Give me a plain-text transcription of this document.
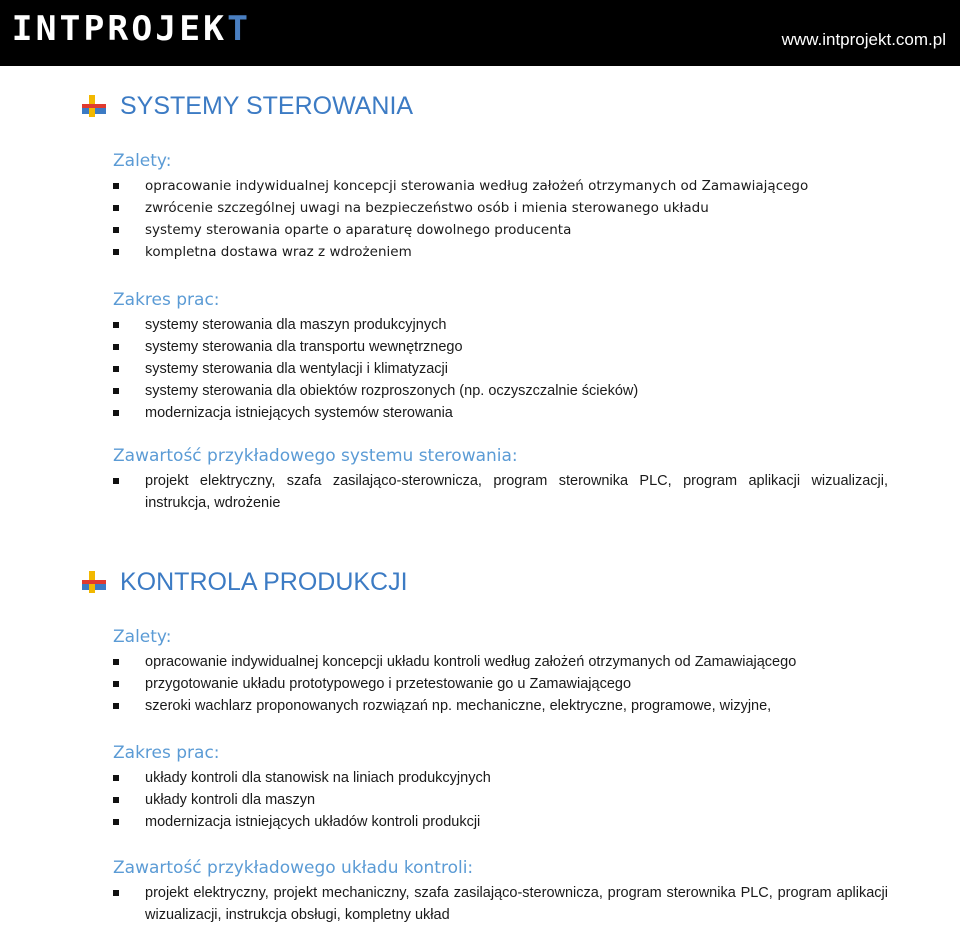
INTPROJEKT	www.intprojekt.com.pl
SYSTEMY STEROWANIA
Zalety:
opracowanie indywidualnej koncepcji sterowania według założeń otrzymanych od Zamawiającego
zwrócenie szczególnej uwagi na bezpieczeństwo osób i mienia sterowanego układu
systemy sterowania oparte o aparaturę dowolnego producenta
kompletna dostawa wraz z wdrożeniem
Zakres prac:
systemy sterowania dla maszyn produkcyjnych
systemy sterowania dla transportu wewnętrznego
systemy sterowania dla wentylacji i klimatyzacji
systemy sterowania dla obiektów rozproszonych (np. oczyszczalnie ścieków)
modernizacja istniejących systemów sterowania
Zawartość przykładowego systemu sterowania:
projekt elektryczny, szafa zasilająco-sterownicza, program sterownika PLC, program aplikacji wizualizacji, instrukcja, wdrożenie
KONTROLA PRODUKCJI
Zalety:
opracowanie indywidualnej koncepcji układu kontroli według założeń otrzymanych od Zamawiającego
przygotowanie układu prototypowego i przetestowanie go u Zamawiającego
szeroki wachlarz proponowanych rozwiązań np. mechaniczne, elektryczne, programowe, wizyjne,
Zakres prac:
układy kontroli dla stanowisk na liniach produkcyjnych
układy kontroli dla maszyn
modernizacja istniejących układów kontroli produkcji
Zawartość przykładowego układu kontroli:
projekt elektryczny, projekt mechaniczny, szafa zasilająco-sterownicza, program sterownika PLC, program aplikacji wizualizacji, instrukcja obsługi, kompletny układ
